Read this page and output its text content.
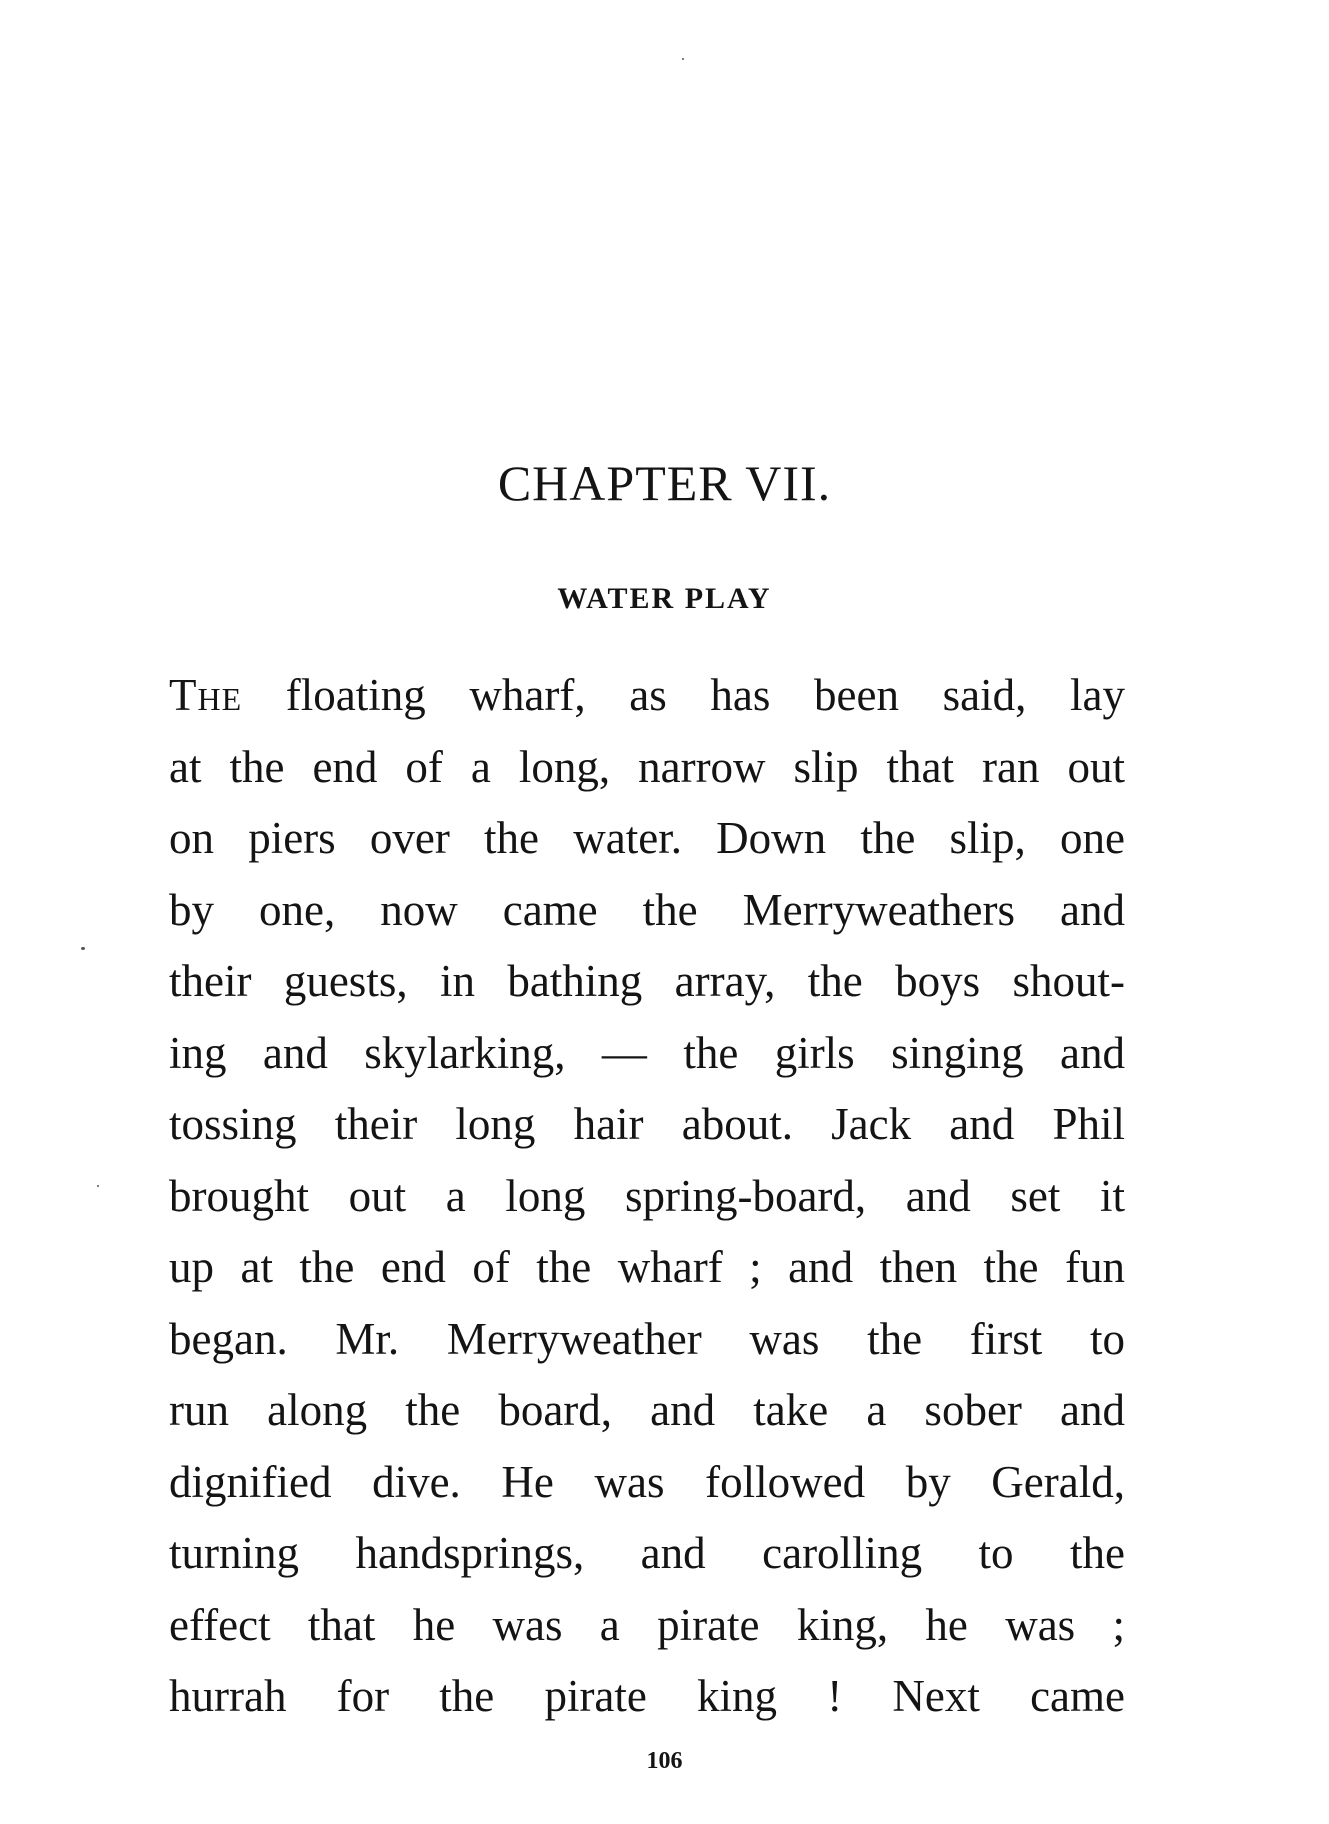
CHAPTER VII.
WATER PLAY
The floating wharf, as has been said, lay
at the end of a long, narrow slip that ran out
on piers over the water. Down the slip, one
by one, now came the Merryweathers and
their guests, in bathing array, the boys shout-
ing and skylarking, — the girls singing and
tossing their long hair about. Jack and Phil
brought out a long spring-board, and set it
up at the end of the wharf ; and then the fun
began. Mr. Merryweather was the first to
run along the board, and take a sober and
dignified dive. He was followed by Gerald,
turning handsprings, and carolling to the
effect that he was a pirate king, he was ;
hurrah for the pirate king ! Next came
106
